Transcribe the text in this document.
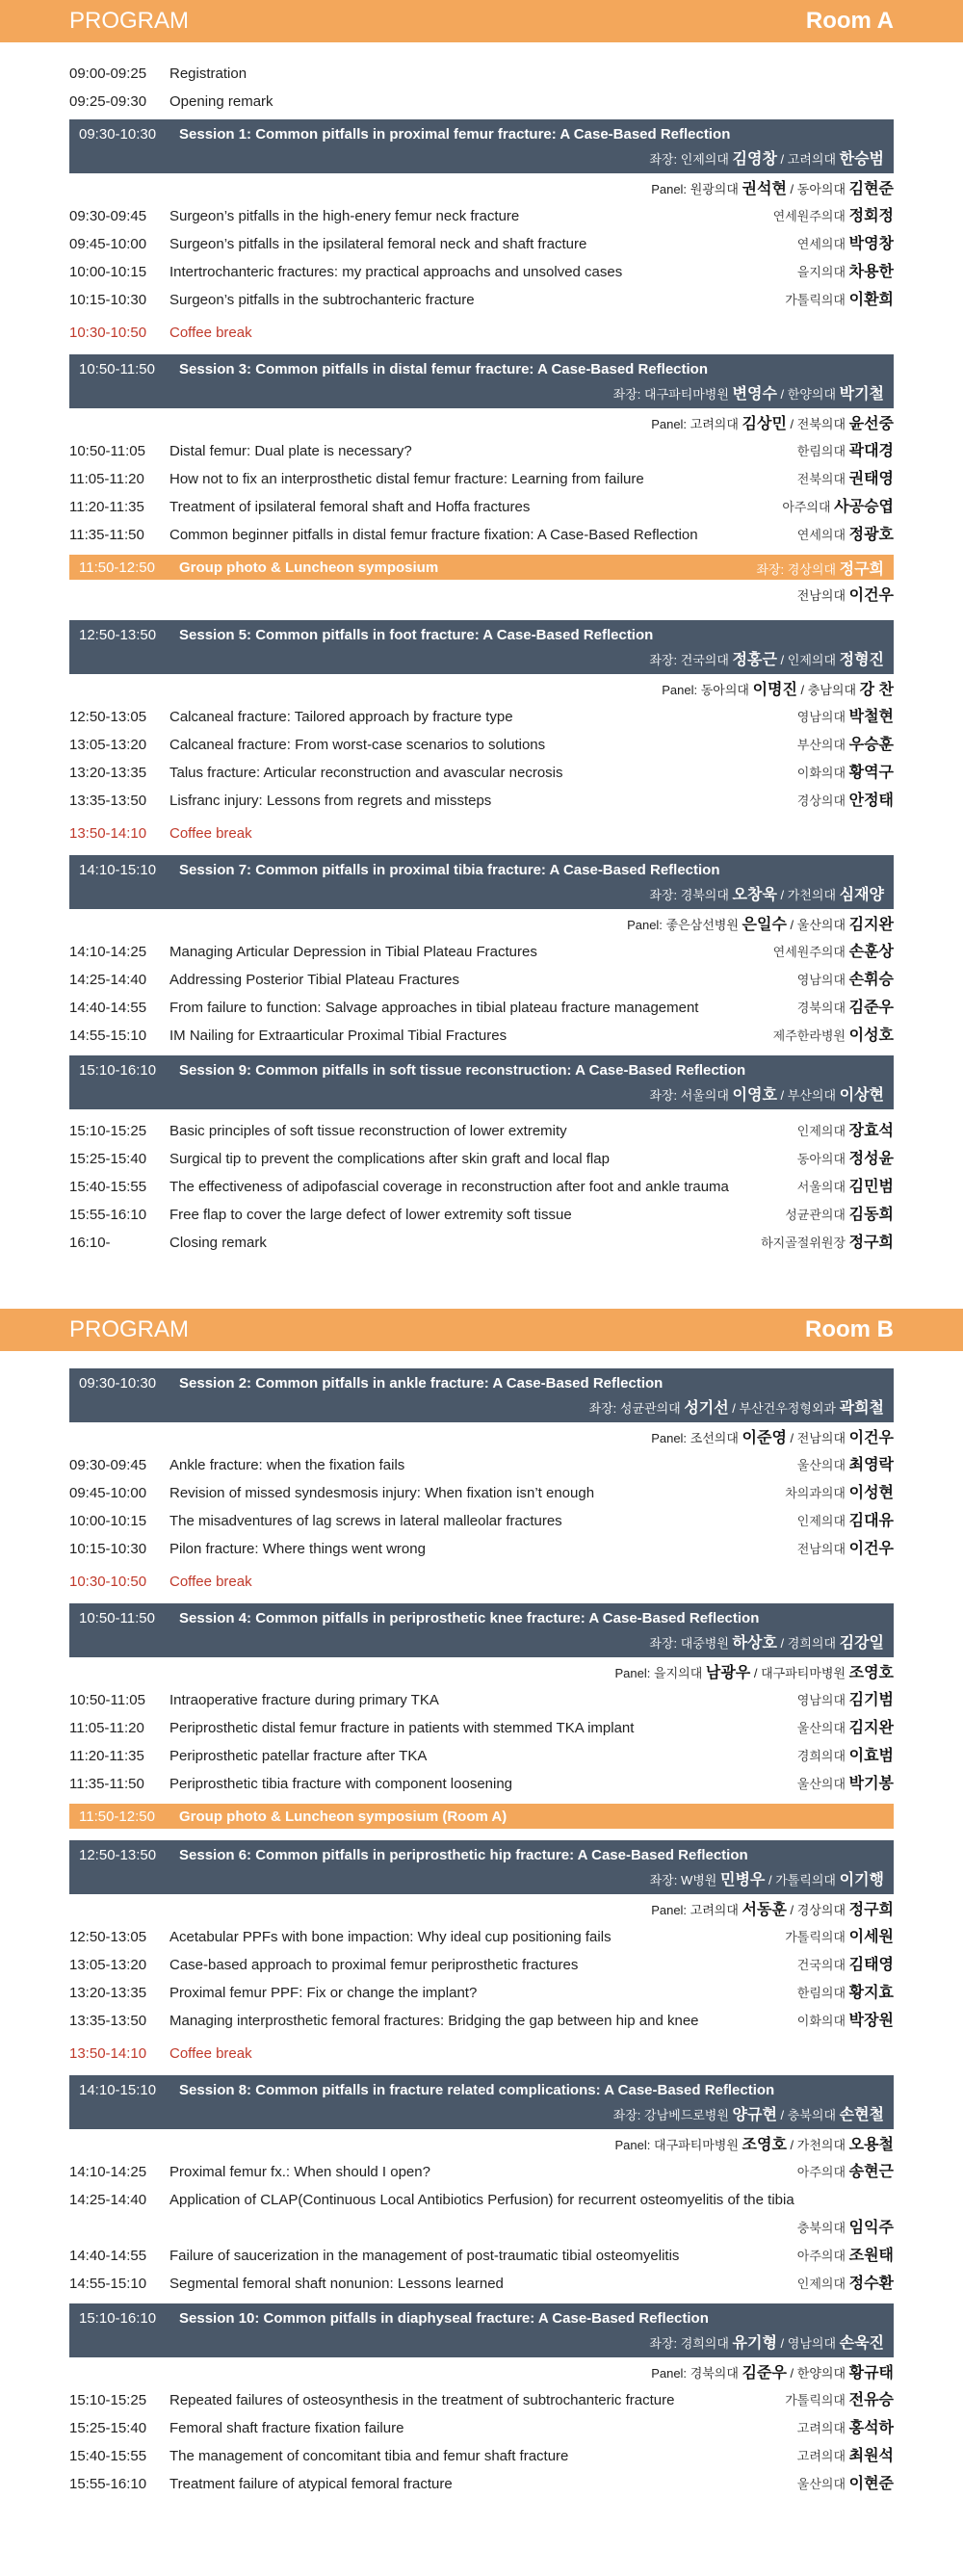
PROGRAM	Room A
09:00-09:25	Registration
09:25-09:30	Opening remark
09:30-10:30	Session 1: Common pitfalls in proximal femur fracture: A Case-Based Reflection
좌장: 인제의대 김영창 / 고려의대 한승범
Panel: 원광의대 권석현 / 동아의대 김현준
09:30-09:45	Surgeon’s pitfalls in the high-enery femur neck fracture	연세원주의대 정회정
09:45-10:00	Surgeon’s pitfalls in the ipsilateral femoral neck and shaft fracture	연세의대 박영창
10:00-10:15	Intertrochanteric fractures: my practical approachs and unsolved cases	을지의대 차용한
10:15-10:30	Surgeon’s pitfalls in the subtrochanteric fracture	가톨릭의대 이환희
10:30-10:50	Coffee break
10:50-11:50	Session 3: Common pitfalls in distal femur fracture: A Case-Based Reflection
좌장: 대구파티마병원 변영수 / 한양의대 박기철
Panel: 고려의대 김상민 / 전북의대 윤선중
10:50-11:05	Distal femur: Dual plate is necessary?	한림의대 곽대경
11:05-11:20	How not to fix an interprosthetic distal femur fracture: Learning from failure	전북의대 권태영
11:20-11:35	Treatment of ipsilateral femoral shaft and Hoffa fractures	아주의대 사공승엽
11:35-11:50	Common beginner pitfalls in distal femur fracture fixation: A Case-Based Reflection	연세의대 정광호
11:50-12:50	Group photo & Luncheon symposium	좌장: 경상의대 정구희
전남의대 이건우
12:50-13:50	Session 5: Common pitfalls in foot fracture: A Case-Based Reflection
좌장: 건국의대 정홍근 / 인제의대 정형진
Panel: 동아의대 이명진 / 충남의대 강 찬
12:50-13:05	Calcaneal fracture: Tailored approach by fracture type	영남의대 박철현
13:05-13:20	Calcaneal fracture: From worst-case scenarios to solutions	부산의대 우승훈
13:20-13:35	Talus fracture: Articular reconstruction and avascular necrosis	이화의대 황역구
13:35-13:50	Lisfranc injury: Lessons from regrets and missteps	경상의대 안정태
13:50-14:10	Coffee break
14:10-15:10	Session 7: Common pitfalls in proximal tibia fracture: A Case-Based Reflection
좌장: 경북의대 오창욱 / 가천의대 심재양
Panel: 좋은삼선병원 은일수 / 울산의대 김지완
14:10-14:25	Managing Articular Depression in Tibial Plateau Fractures	연세원주의대 손훈상
14:25-14:40	Addressing Posterior Tibial Plateau Fractures	영남의대 손휘승
14:40-14:55	From failure to function: Salvage approaches in tibial plateau fracture management	경북의대 김준우
14:55-15:10	IM Nailing for Extraarticular Proximal Tibial Fractures	제주한라병원 이성호
15:10-16:10	Session 9: Common pitfalls in soft tissue reconstruction: A Case-Based Reflection
좌장: 서울의대 이영호 / 부산의대 이상현
15:10-15:25	Basic principles of soft tissue reconstruction of lower extremity	인제의대 장효석
15:25-15:40	Surgical tip to prevent the complications after skin graft and local flap	동아의대 정성윤
15:40-15:55	The effectiveness of adipofascial coverage in reconstruction after foot and ankle trauma	서울의대 김민범
15:55-16:10	Free flap to cover the large defect of lower extremity soft tissue	성균관의대 김동희
16:10-	Closing remark	하지골절위원장 정구희
PROGRAM	Room B
09:30-10:30	Session 2: Common pitfalls in ankle fracture: A Case-Based Reflection
좌장: 성균관의대 성기선 / 부산건우정형외과 곽희철
Panel: 조선의대 이준영 / 전남의대 이건우
09:30-09:45	Ankle fracture: when the fixation fails	울산의대 최영락
09:45-10:00	Revision of missed syndesmosis injury: When fixation isn’t enough	차의과의대 이성현
10:00-10:15	The misadventures of lag screws in lateral malleolar fractures	인제의대 김대유
10:15-10:30	Pilon fracture: Where things went wrong	전남의대 이건우
10:30-10:50	Coffee break
10:50-11:50	Session 4: Common pitfalls in periprosthetic knee fracture: A Case-Based Reflection
좌장: 대중병원 하상호 / 경희의대 김강일
Panel: 을지의대 남광우 / 대구파티마병원 조영호
10:50-11:05	Intraoperative fracture during primary TKA	영남의대 김기범
11:05-11:20	Periprosthetic distal femur fracture in patients with stemmed TKA implant	울산의대 김지완
11:20-11:35	Periprosthetic patellar fracture after TKA	경희의대 이효범
11:35-11:50	Periprosthetic tibia fracture with component loosening	울산의대 박기봉
11:50-12:50	Group photo & Luncheon symposium (Room A)
12:50-13:50	Session 6: Common pitfalls in periprosthetic hip fracture: A Case-Based Reflection
좌장: W병원 민병우 / 가톨릭의대 이기행
Panel: 고려의대 서동훈 / 경상의대 정구희
12:50-13:05	Acetabular PPFs with bone impaction: Why ideal cup positioning fails	가톨릭의대 이세원
13:05-13:20	Case-based approach to proximal femur periprosthetic fractures	건국의대 김태영
13:20-13:35	Proximal femur PPF: Fix or change the implant?	한림의대 황지효
13:35-13:50	Managing interprosthetic femoral fractures: Bridging the gap between hip and knee	이화의대 박장원
13:50-14:10	Coffee break
14:10-15:10	Session 8: Common pitfalls in fracture related complications: A Case-Based Reflection
좌장: 강남베드로병원 양규현 / 충북의대 손현철
Panel: 대구파티마병원 조영호 / 가천의대 오용철
14:10-14:25	Proximal femur fx.: When should I open?	아주의대 송현근
14:25-14:40	Application of CLAP(Continuous Local Antibiotics Perfusion) for recurrent osteomyelitis of the tibia
충북의대 임익주
14:40-14:55	Failure of saucerization in the management of post-traumatic tibial osteomyelitis	아주의대 조원태
14:55-15:10	Segmental femoral shaft nonunion: Lessons learned	인제의대 정수환
15:10-16:10	Session 10: Common pitfalls in diaphyseal fracture: A Case-Based Reflection
좌장: 경희의대 유기형 / 영남의대 손욱진
Panel: 경북의대 김준우 / 한양의대 황규태
15:10-15:25	Repeated failures of osteosynthesis in the treatment of subtrochanteric fracture	가톨릭의대 전유승
15:25-15:40	Femoral shaft fracture fixation failure	고려의대 홍석하
15:40-15:55	The management of concomitant tibia and femur shaft fracture	고려의대 최원석
15:55-16:10	Treatment failure of atypical femoral fracture	울산의대 이현준
